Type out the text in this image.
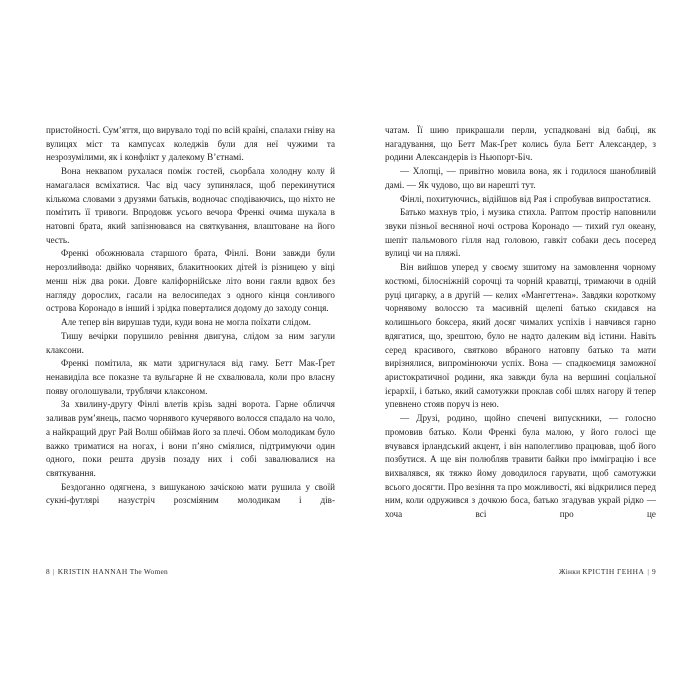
пристойності. Сум’яття, що вирувало тоді по всій країні, спалахи гніву на вулицях міст та кампусах коледжів були для неї чужими та незрозумілими, як і конфлікт у далекому В’єтнамі.

Вона неквапом рухалася поміж гостей, сьорбала холодну колу й намагалася всміхатися. Час від часу зупинялася, щоб перекинутися кількома словами з друзями батьків, водночас сподіваючись, що ніхто не помітить її тривоги. Впродовж усього вечора Френкі очима шукала в натовпі брата, який запізнювався на святкування, влаштоване на його честь.

Френкі обожнювала старшого брата, Фінлі. Вони завжди були нерозлийвода: двійко чорнявих, блакитнооких дітей із різницею у віці менш ніж два роки. Довге каліфорнійське літо вони гаяли вдвох без нагляду дорослих, гасали на велосипедах з одного кінця сонливого острова Коронадо в інший і зрідка поверталися додому до заходу сонця.

Але тепер він вирушав туди, куди вона не могла поїхати слідом.

Тишу вечірки порушило ревіння двигуна, слідом за ним загули клаксони.

Френкі помітила, як мати здригнулася від гаму. Бетт Мак-Ґрет ненавиділа все показне та вульгарне й не схвалювала, коли про власну появу оголошували, трублячи клаксоном.

За хвилину-другу Фінлі влетів крізь задні ворота. Гарне обличчя заливав рум’янець, пасмо чорнявого кучерявого волосся спадало на чоло, а найкращий друг Рай Волш обіймав його за плечі. Обом молодикам було важко триматися на ногах, і вони п’яно сміялися, підтримуючи один одного, поки решта друзів позаду них і собі завалювалися на святкування.

Бездоганно одягнена, з вишуканою зачіскою мати рушила у своїй сукні-футлярі назустріч розсміяним молодикам і дів-

8 | KRISTIN HANNAH The Women

чатам. Її шию прикрашали перли, успадковані від бабці, як нагадування, що Бетт Мак-Ґрет колись була Бетт Александер, з родини Александерів із Ньюпорт-Біч.

— Хлопці, — привітно мовила вона, як і годилося шанобливій дамі. — Як чудово, що ви нарешті тут.

Фінлі, похитуючись, відійшов від Рая і спробував випростатися.

Батько махнув тріо, і музика стихла. Раптом простір наповнили звуки пізньої весняної ночі острова Коронадо — тихий гул океану, шепіт пальмового гілля над головою, гавкіт собаки десь посеред вулиці чи на пляжі.

Він вийшов уперед у своєму зшитому на замовлення чорному костюмі, білосніжній сорочці та чорній краватці, тримаючи в одній руці цигарку, а в другій — келих «Мангеттена». Завдяки короткому чорнявому волоссю та масивній щелепі батько скидався на колишнього боксера, який досяг чималих успіхів і навчився гарно вдягатися, що, зрештою, було не надто далеким від істини. Навіть серед красивого, святково вбраного натовпу батько та мати вирізнялися, випромінюючи успіх. Вона — спадкоємиця заможної аристократичної родини, яка завжди була на вершині соціальної ієрархії, і батько, який самотужки проклав собі шлях нагору й тепер упевнено стояв поруч із нею.

— Друзі, родино, щойно спечені випускники, — голосно промовив батько. Коли Френкі була малою, у його голосі ще вчувався ірландський акцент, і він наполегливо працював, щоб його позбутися. А ще він полюбляв травити байки про імміграцію і все вихвалявся, як тяжко йому доводилося гарувати, щоб самотужки всього досягти. Про везіння та про можливості, які відкрилися перед ним, коли одружився з дочкою боса, батько згадував украй рідко — хоча всі про це

Жінки КРІСТІН ГЕННА | 9
